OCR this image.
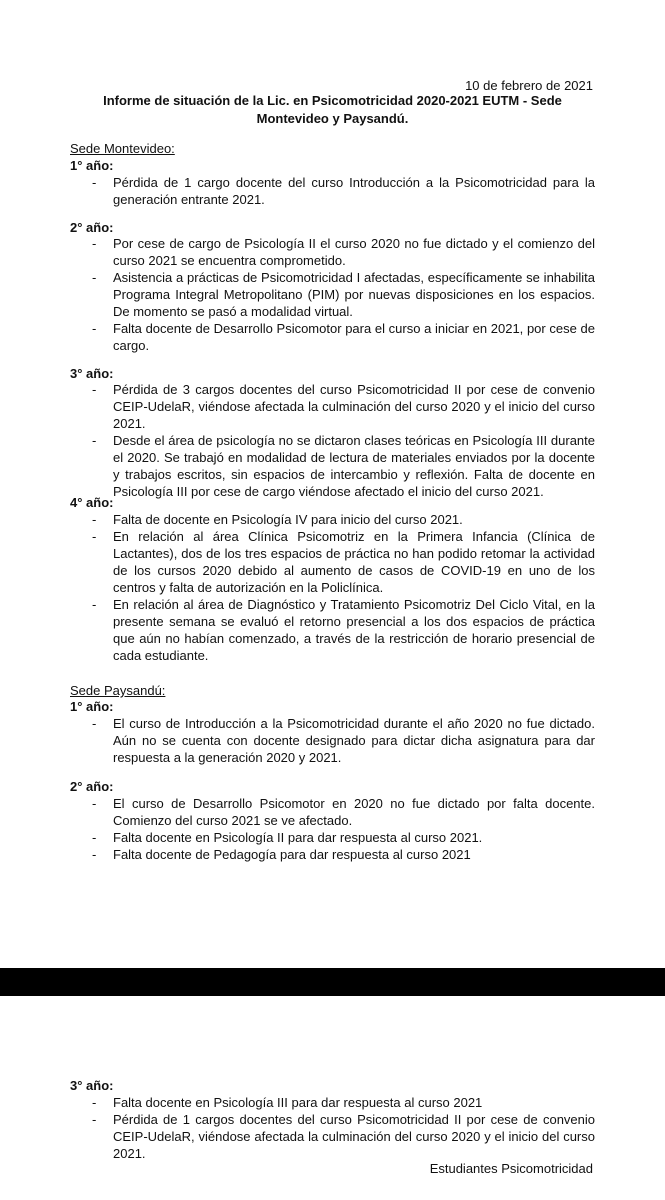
10 de febrero de 2021
Informe de situación de la Lic. en Psicomotricidad 2020-2021 EUTM - Sede
Montevideo y Paysandú.
Sede Montevideo:
1° año:
- Pérdida de 1 cargo docente del curso Introducción a la Psicomotricidad para la generación entrante 2021.
2° año:
- Por cese de cargo de Psicología II el curso 2020 no fue dictado y el comienzo del curso 2021 se encuentra comprometido.
- Asistencia a prácticas de Psicomotricidad I afectadas, específicamente se inhabilita Programa Integral Metropolitano (PIM) por nuevas disposiciones en los espacios. De momento se pasó a modalidad virtual.
- Falta docente de Desarrollo Psicomotor para el curso a iniciar en 2021, por cese de cargo.
3° año:
- Pérdida de 3 cargos docentes del curso Psicomotricidad II por cese de convenio CEIP-UdelaR, viéndose afectada la culminación del curso 2020 y el inicio del curso 2021.
- Desde el área de psicología no se dictaron clases teóricas en Psicología III durante el 2020. Se trabajó en modalidad de lectura de materiales enviados por la docente y trabajos escritos, sin espacios de intercambio y reflexión. Falta de docente en Psicología III por cese de cargo viéndose afectado el inicio del curso 2021.
4° año:
- Falta de docente en Psicología IV para inicio del curso 2021.
- En relación al área Clínica Psicomotriz en la Primera Infancia (Clínica de Lactantes), dos de los tres espacios de práctica no han podido retomar la actividad de los cursos 2020 debido al aumento de casos de COVID-19 en uno de los centros y falta de autorización en la Policlínica.
- En relación al área de Diagnóstico y Tratamiento Psicomotriz Del Ciclo Vital, en la presente semana se evaluó el retorno presencial a los dos espacios de práctica que aún no habían comenzado, a través de la restricción de horario presencial de cada estudiante.
Sede Paysandú:
1° año:
- El curso de Introducción a la Psicomotricidad durante el año 2020 no fue dictado. Aún no se cuenta con docente designado para dictar dicha asignatura para dar respuesta a la generación 2020 y 2021.
2° año:
- El curso de Desarrollo Psicomotor en 2020 no fue dictado por falta docente. Comienzo del curso 2021 se ve afectado.
- Falta docente en Psicología II para dar respuesta al curso 2021.
- Falta docente de Pedagogía para dar respuesta al curso 2021
3° año:
- Falta docente en Psicología III para dar respuesta al curso 2021
- Pérdida de 1 cargos docentes del curso Psicomotricidad II por cese de convenio CEIP-UdelaR, viéndose afectada la culminación del curso 2020 y el inicio del curso 2021.
Estudiantes Psicomotricidad
